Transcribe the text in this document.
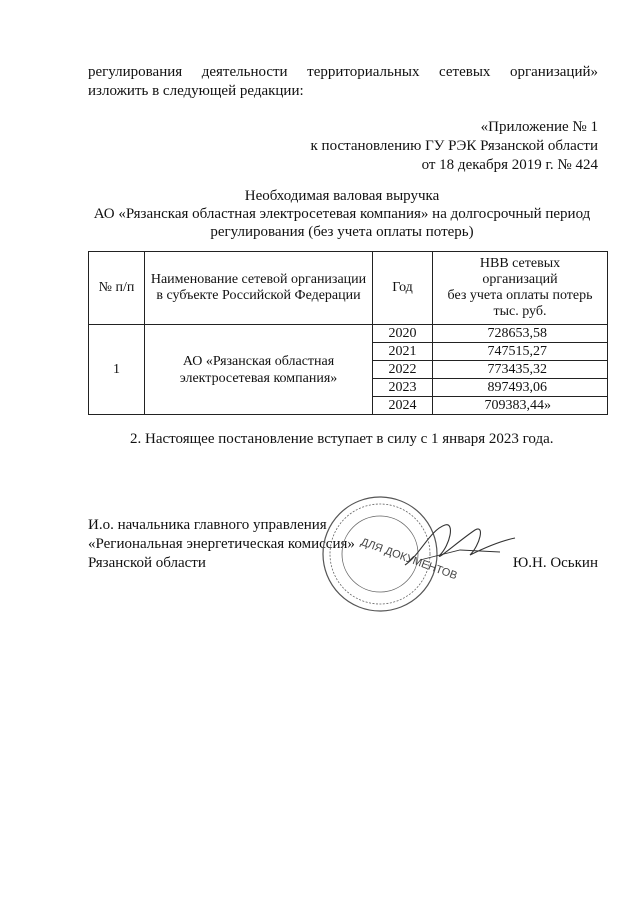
регулирования деятельности территориальных сетевых организаций»
изложить в следующей редакции:
«Приложение № 1
к постановлению ГУ РЭК Рязанской области
от 18 декабря 2019 г. № 424
Необходимая валовая выручка
АО «Рязанская областная электросетевая компания» на долгосрочный период
регулирования (без учета оплаты потерь)
№ п/п	Наименование сетевой организации в субъекте Российской Федерации	Год	НВВ сетевых
организаций
без учета оплаты потерь
тыс. руб.

1	АО «Рязанская областная электросетевая компания»	2020	728653,58
		2021	747515,27
		2022	773435,32
		2023	897493,06
		2024	709383,44»
2. Настоящее постановление вступает в силу с 1 января 2023 года.
И.о. начальника главного управления
«Региональная энергетическая комиссия»
Рязанской области	Ю.Н. Оськин
ДЛЯ ДОКУМЕНТОВ
